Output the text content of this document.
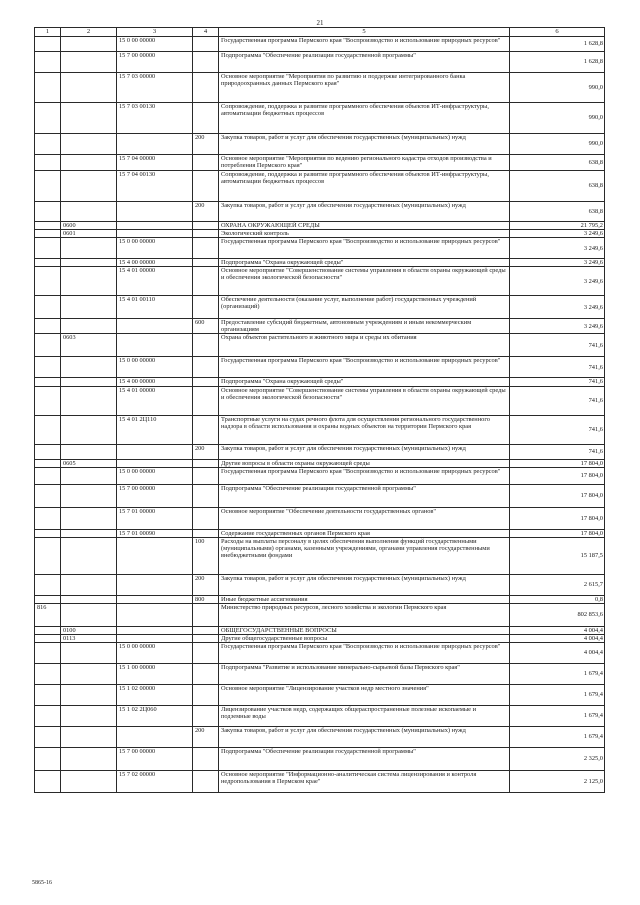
21
1	2	3	4	5	6
		15 0 00 00000		Государственная программа Пермского края "Воспроизводство и использование природных ресурсов"	1 628,8
		15 7 00 00000		Подпрограмма "Обеспечение реализации государственной программы"	1 628,8
		15 7 03 00000		Основное мероприятие "Мероприятия по развитию и поддержке интегрированного банка природоохранных данных Пермского края"	990,0
		15 7 03 00130		Сопровождение, поддержка и развитие программного обеспечения объектов ИТ-инфраструктуры, автоматизации бюджетных процессов	990,0
			200	Закупка товаров, работ и услуг для обеспечения государственных (муниципальных) нужд	990,0
		15 7 04 00000		Основное мероприятие "Мероприятия по ведению регионального кадастра отходов производства и потребления Пермского края"	638,8
		15 7 04 00130		Сопровождение, поддержка и развитие программного обеспечения объектов ИТ-инфраструктуры, автоматизации бюджетных процессов	638,8
			200	Закупка товаров, работ и услуг для обеспечения государственных (муниципальных) нужд	638,8
	0600			ОХРАНА ОКРУЖАЮЩЕЙ СРЕДЫ	21 795,2
	0601			Экологический контроль	3 249,6
		15 0 00 00000		Государственная программа Пермского края "Воспроизводство и использование природных ресурсов"	3 249,6
		15 4 00 00000		Подпрограмма "Охрана окружающей среды"	3 249,6
		15 4 01 00000		Основное мероприятие "Совершенствование системы управления в области охраны окружающей среды и обеспечения экологической безопасности"	3 249,6
		15 4 01 00110		Обеспечение деятельности (оказание услуг, выполнение работ) государственных учреждений (организаций)	3 249,6
			600	Предоставление субсидий бюджетным, автономным учреждениям и иным некоммерческим организациям	3 249,6
	0603			Охрана объектов растительного и животного мира и среды их обитания	741,6
		15 0 00 00000		Государственная программа Пермского края "Воспроизводство и использование природных ресурсов"	741,6
		15 4 00 00000		Подпрограмма "Охрана окружающей среды"	741,6
		15 4 01 00000		Основное мероприятие "Совершенствование системы управления в области охраны окружающей среды и обеспечения экологической безопасности"	741,6
		15 4 01 2Ц110		Транспортные услуги на судах речного флота для осуществления регионального государственного надзора в области использования и охраны водных объектов на территории Пермского края	741,6
			200	Закупка товаров, работ и услуг для обеспечения государственных (муниципальных) нужд	741,6
	0605			Другие вопросы в области охраны окружающей среды	17 804,0
		15 0 00 00000		Государственная программа Пермского края "Воспроизводство и использование природных ресурсов"	17 804,0
		15 7 00 00000		Подпрограмма "Обеспечение реализации государственной программы"	17 804,0
		15 7 01 00000		Основное мероприятие "Обеспечение деятельности государственных органов"	17 804,0
		15 7 01 00090		Содержание государственных органов Пермского края	17 804,0
			100	Расходы на выплаты персоналу в целях обеспечения выполнения функций государственными (муниципальными) органами, казенными учреждениями, органами управления государственными внебюджетными фондами	15 187,5
			200	Закупка товаров, работ и услуг для обеспечения государственных (муниципальных) нужд	2 615,7
			800	Иные бюджетные ассигнования	0,8
816				Министерство природных ресурсов, лесного хозяйства и экологии Пермского края	802 853,6
	0100			ОБЩЕГОСУДАРСТВЕННЫЕ ВОПРОСЫ	4 004,4
	0113			Другие общегосударственные вопросы	4 004,4
		15 0 00 00000		Государственная программа Пермского края "Воспроизводство и использование природных ресурсов"	4 004,4
		15 1 00 00000		Подпрограмма "Развитие и использование минерально-сырьевой базы Пермского края"	1 679,4
		15 1 02 00000		Основное мероприятие "Лицензирование участков недр местного значения"	1 679,4
		15 1 02 2Ц060		Лицензирование участков недр, содержащих общераспространенные полезные ископаемые и подземные воды	1 679,4
			200	Закупка товаров, работ и услуг для обеспечения государственных (муниципальных) нужд	1 679,4
		15 7 00 00000		Подпрограмма "Обеспечение реализации государственной программы"	2 325,0
		15 7 02 00000		Основное мероприятие "Информационно-аналитическая система лицензирования и контроля недропользования в Пермском крае"	2 125,0
5865-16
